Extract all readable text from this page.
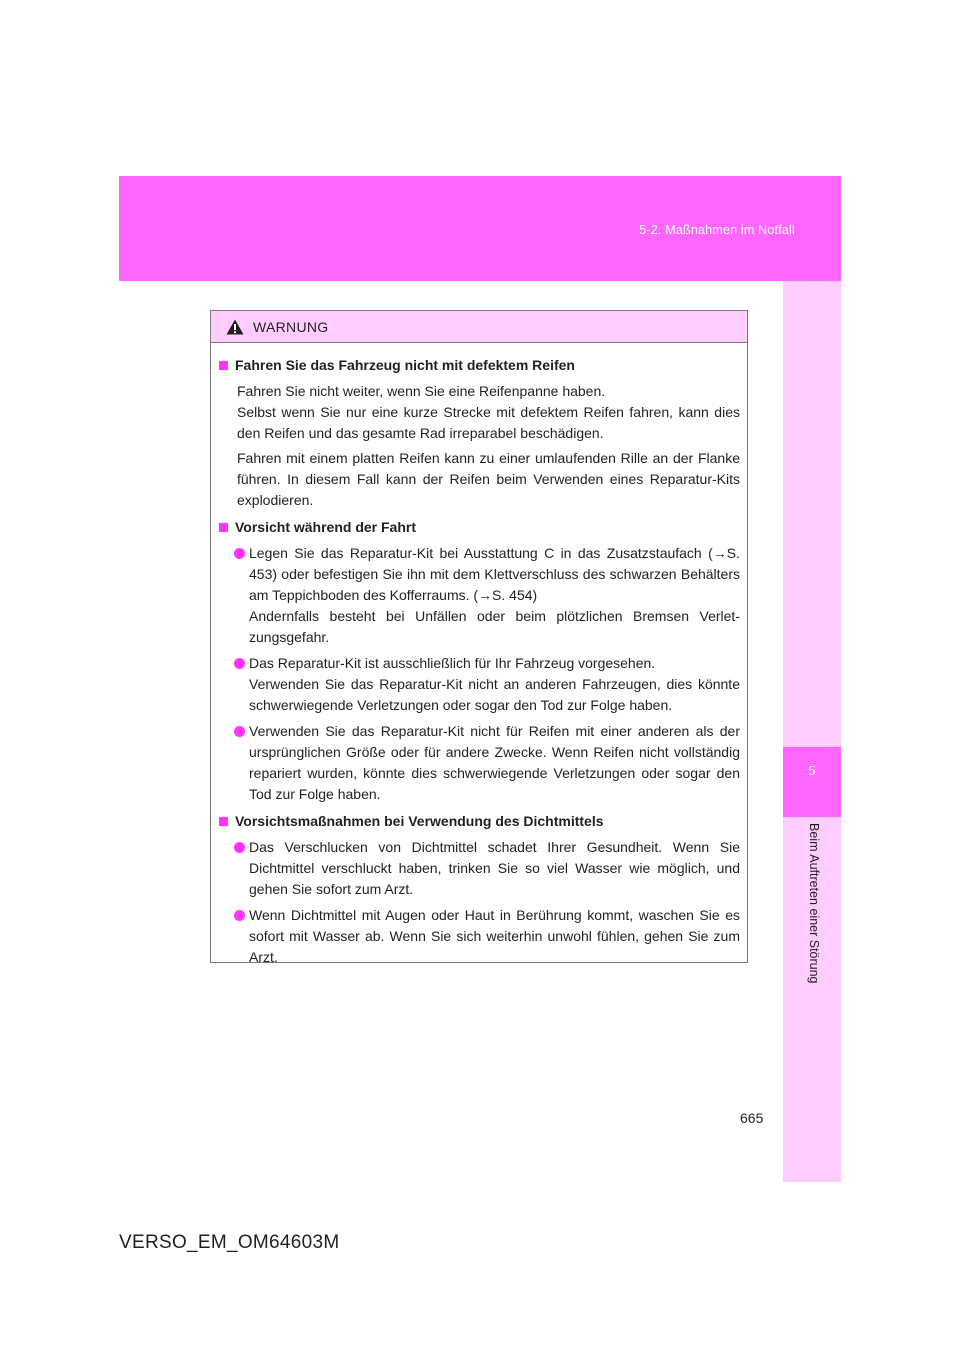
5-2. Maßnahmen im Notfall
5
Beim Auftreten einer Störung
WARNUNG
Fahren Sie das Fahrzeug nicht mit defektem Reifen
Fahren Sie nicht weiter, wenn Sie eine Reifenpanne haben.
Selbst wenn Sie nur eine kurze Strecke mit defektem Reifen fahren, kann dies den Reifen und das gesamte Rad irreparabel beschädigen.
Fahren mit einem platten Reifen kann zu einer umlaufenden Rille an der Flanke führen. In diesem Fall kann der Reifen beim Verwenden eines Reparatur-Kits explodieren.
Vorsicht während der Fahrt
Legen Sie das Reparatur-Kit bei Ausstattung C in das Zusatzstaufach (→S. 453) oder befestigen Sie ihn mit dem Klettverschluss des schwarzen Behälters am Teppichboden des Kofferraums. (→S. 454)
Andernfalls besteht bei Unfällen oder beim plötzlichen Bremsen Verletzungsgefahr.
Das Reparatur-Kit ist ausschließlich für Ihr Fahrzeug vorgesehen.
Verwenden Sie das Reparatur-Kit nicht an anderen Fahrzeugen, dies könnte schwerwiegende Verletzungen oder sogar den Tod zur Folge haben.
Verwenden Sie das Reparatur-Kit nicht für Reifen mit einer anderen als der ursprünglichen Größe oder für andere Zwecke. Wenn Reifen nicht vollständig repariert wurden, könnte dies schwerwiegende Verletzungen oder sogar den Tod zur Folge haben.
Vorsichtsmaßnahmen bei Verwendung des Dichtmittels
Das Verschlucken von Dichtmittel schadet Ihrer Gesundheit. Wenn Sie Dichtmittel verschluckt haben, trinken Sie so viel Wasser wie möglich, und gehen Sie sofort zum Arzt.
Wenn Dichtmittel mit Augen oder Haut in Berührung kommt, waschen Sie es sofort mit Wasser ab. Wenn Sie sich weiterhin unwohl fühlen, gehen Sie zum Arzt.
665
VERSO_EM_OM64603M
